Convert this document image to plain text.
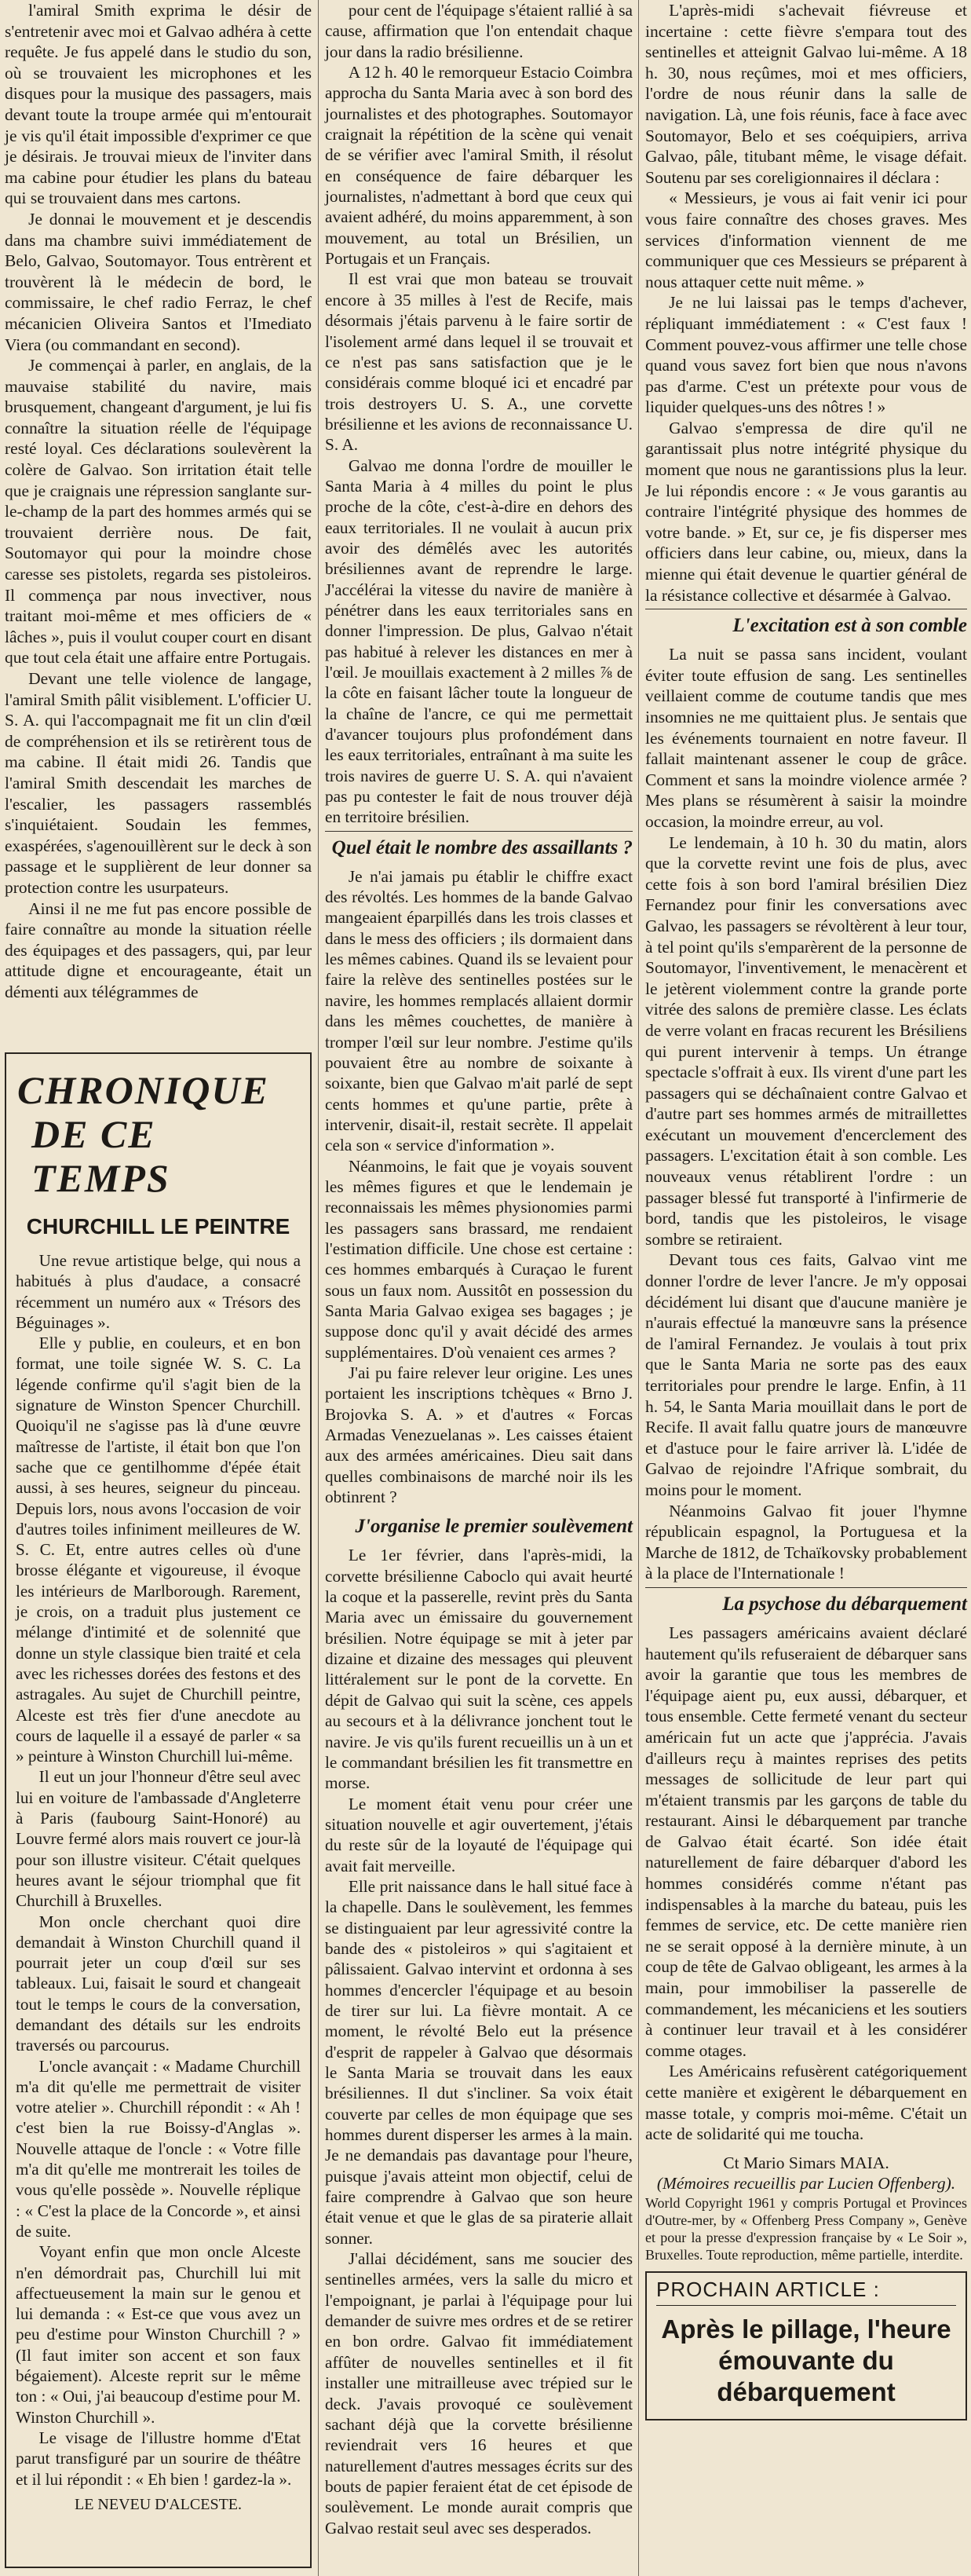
l'amiral Smith exprima le désir de s'entretenir avec moi et Galvao adhéra à cette requête. Je fus appelé dans le studio du son, où se trouvaient les microphones et les disques pour la musique des passagers, mais devant toute la troupe armée qui m'entourait je vis qu'il était impossible d'exprimer ce que je désirais. Je trouvai mieux de l'inviter dans ma cabine pour étudier les plans du bateau qui se trouvaient dans mes cartons.

Je donnai le mouvement et je descendis dans ma chambre suivi immédiatement de Belo, Galvao, Soutomayor. Tous entrèrent et trouvèrent là le médecin de bord, le commissaire, le chef radio Ferraz, le chef mécanicien Oliveira Santos et l'Imediato Viera (ou commandant en second).

Je commençai à parler, en anglais, de la mauvaise stabilité du navire, mais brusquement, changeant d'argument, je lui fis connaître la situation réelle de l'équipage resté loyal. Ces déclarations soulevèrent la colère de Galvao. Son irritation était telle que je craignais une répression sanglante sur-le-champ de la part des hommes armés qui se trouvaient derrière nous. De fait, Soutomayor qui pour la moindre chose caresse ses pistolets, regarda ses pistoleiros. Il commença par nous invectiver, nous traitant moi-même et mes officiers de « lâches », puis il voulut couper court en disant que tout cela était une affaire entre Portugais.

Devant une telle violence de langage, l'amiral Smith pâlit visiblement. L'officier U. S. A. qui l'accompagnait me fit un clin d'œil de compréhension et ils se retirèrent tous de ma cabine. Il était midi 26. Tandis que l'amiral Smith descendait les marches de l'escalier, les passagers rassemblés s'inquiétaient. Soudain les femmes, exaspérées, s'agenouillèrent sur le deck à son passage et le supplièrent de leur donner sa protection contre les usurpateurs.

Ainsi il ne me fut pas encore possible de faire connaître au monde la situation réelle des équipages et des passagers, qui, par leur attitude digne et encourageante, était un démenti aux télégrammes de

CHRONIQUE
DE CE TEMPS
CHURCHILL LE PEINTRE

Une revue artistique belge, qui nous a habitués à plus d'audace, a consacré récemment un numéro aux « Trésors des Béguinages ».

Elle y publie, en couleurs, et en bon format, une toile signée W. S. C. La légende confirme qu'il s'agit bien de la signature de Winston Spencer Churchill. Quoiqu'il ne s'agisse pas là d'une œuvre maîtresse de l'artiste, il était bon que l'on sache que ce gentilhomme d'épée était aussi, à ses heures, seigneur du pinceau. Depuis lors, nous avons l'occasion de voir d'autres toiles infiniment meilleures de W. S. C. Et, entre autres celles où d'une brosse élégante et vigoureuse, il évoque les intérieurs de Marlborough. Rarement, je crois, on a traduit plus justement ce mélange d'intimité et de solennité que donne un style classique bien traité et cela avec les richesses dorées des festons et des astragales. Au sujet de Churchill peintre, Alceste est très fier d'une anecdote au cours de laquelle il a essayé de parler « sa » peinture à Winston Churchill lui-même.

Il eut un jour l'honneur d'être seul avec lui en voiture de l'ambassade d'Angleterre à Paris (faubourg Saint-Honoré) au Louvre fermé alors mais rouvert ce jour-là pour son illustre visiteur. C'était quelques heures avant le séjour triomphal que fit Churchill à Bruxelles.

Mon oncle cherchant quoi dire demandait à Winston Churchill quand il pourrait jeter un coup d'œil sur ses tableaux. Lui, faisait le sourd et changeait tout le temps le cours de la conversation, demandant des détails sur les endroits traversés ou parcourus.

L'oncle avançait : « Madame Churchill m'a dit qu'elle me permettrait de visiter votre atelier ». Churchill répondit : « Ah ! c'est bien la rue Boissy-d'Anglas ». Nouvelle attaque de l'oncle : « Votre fille m'a dit qu'elle me montrerait les toiles de vous qu'elle possède ». Nouvelle réplique : « C'est la place de la Concorde », et ainsi de suite.

Voyant enfin que mon oncle Alceste n'en démordrait pas, Churchill lui mit affectueusement la main sur le genou et lui demanda : « Est-ce que vous avez un peu d'estime pour Winston Churchill ? » (Il faut imiter son accent et son faux bégaiement). Alceste reprit sur le même ton : « Oui, j'ai beaucoup d'estime pour M. Winston Churchill ».

Le visage de l'illustre homme d'Etat parut transfiguré par un sourire de théâtre et il lui répondit : « Eh bien ! gardez-la ».

LE NEVEU D'ALCESTE.

pour cent de l'équipage s'étaient rallié à sa cause, affirmation que l'on entendait chaque jour dans la radio brésilienne.

A 12 h. 40 le remorqueur Estacio Coimbra approcha du Santa Maria avec à son bord des journalistes et des photographes. Soutomayor craignait la répétition de la scène qui venait de se vérifier avec l'amiral Smith, il résolut en conséquence de faire débarquer les journalistes, n'admettant à bord que ceux qui avaient adhéré, du moins apparemment, à son mouvement, au total un Brésilien, un Portugais et un Français.

Il est vrai que mon bateau se trouvait encore à 35 milles à l'est de Recife, mais désormais j'étais parvenu à le faire sortir de l'isolement armé dans lequel il se trouvait et ce n'est pas sans satisfaction que je le considérais comme bloqué ici et encadré par trois destroyers U. S. A., une corvette brésilienne et les avions de reconnaissance U. S. A.

Galvao me donna l'ordre de mouiller le Santa Maria à 4 milles du point le plus proche de la côte, c'est-à-dire en dehors des eaux territoriales. Il ne voulait à aucun prix avoir des démêlés avec les autorités brésiliennes avant de reprendre le large. J'accélérai la vitesse du navire de manière à pénétrer dans les eaux territoriales sans en donner l'impression. De plus, Galvao n'était pas habitué à relever les distances en mer à l'œil. Je mouillais exactement à 2 milles ⅞ de la côte en faisant lâcher toute la longueur de la chaîne de l'ancre, ce qui me permettait d'avancer toujours plus profondément dans les eaux territoriales, entraînant à ma suite les trois navires de guerre U. S. A. qui n'avaient pas pu contester le fait de nous trouver déjà en territoire brésilien.

Quel était le nombre des assaillants ?

Je n'ai jamais pu établir le chiffre exact des révoltés. Les hommes de la bande Galvao mangeaient éparpillés dans les trois classes et dans le mess des officiers ; ils dormaient dans les mêmes cabines. Quand ils se levaient pour faire la relève des sentinelles postées sur le navire, les hommes remplacés allaient dormir dans les mêmes couchettes, de manière à tromper l'œil sur leur nombre. J'estime qu'ils pouvaient être au nombre de soixante à soixante, bien que Galvao m'ait parlé de sept cents hommes et qu'une partie, prête à intervenir, disait-il, restait secrète. Il appelait cela son « service d'information ».

Néanmoins, le fait que je voyais souvent les mêmes figures et que le lendemain je reconnaissais les mêmes physionomies parmi les passagers sans brassard, me rendaient l'estimation difficile. Une chose est certaine : ces hommes embarqués à Curaçao le furent sous un faux nom. Aussitôt en possession du Santa Maria Galvao exigea ses bagages ; je suppose donc qu'il y avait décidé des armes supplémentaires. D'où venaient ces armes ?

J'ai pu faire relever leur origine. Les unes portaient les inscriptions tchèques « Brno J. Brojovka S. A. » et d'autres « Forcas Armadas Venezuelanas ». Les caisses étaient aux des armées américaines. Dieu sait dans quelles combinaisons de marché noir ils les obtinrent ?

J'organise le premier soulèvement

Le 1er février, dans l'après-midi, la corvette brésilienne Caboclo qui avait heurté la coque et la passerelle, revint près du Santa Maria avec un émissaire du gouvernement brésilien. Notre équipage se mit à jeter par dizaine et dizaine des messages qui pleuvent littéralement sur le pont de la corvette. En dépit de Galvao qui suit la scène, ces appels au secours et à la délivrance jonchent tout le navire. Je vis qu'ils furent recueillis un à un et le commandant brésilien les fit transmettre en morse.

Le moment était venu pour créer une situation nouvelle et agir ouvertement, j'étais du reste sûr de la loyauté de l'équipage qui avait fait merveille.

Elle prit naissance dans le hall situé face à la chapelle. Dans le soulèvement, les femmes se distinguaient par leur agressivité contre la bande des « pistoleiros » qui s'agitaient et pâlissaient. Galvao intervint et ordonna à ses hommes d'encercler l'équipage et au besoin de tirer sur lui. La fièvre montait. A ce moment, le révolté Belo eut la présence d'esprit de rappeler à Galvao que désormais le Santa Maria se trouvait dans les eaux brésiliennes. Il dut s'incliner. Sa voix était couverte par celles de mon équipage que ses hommes durent disperser les armes à la main. Je ne demandais pas davantage pour l'heure, puisque j'avais atteint mon objectif, celui de faire comprendre à Galvao que son heure était venue et que le glas de sa piraterie allait sonner.

J'allai décidément, sans me soucier des sentinelles armées, vers la salle du micro et l'empoignant, je parlai à l'équipage pour lui demander de suivre mes ordres et de se retirer en bon ordre. Galvao fit immédiatement affûter de nouvelles sentinelles et il fit installer une mitrailleuse avec trépied sur le deck. J'avais provoqué ce soulèvement sachant déjà que la corvette brésilienne reviendrait vers 16 heures et que naturellement d'autres messages écrits sur des bouts de papier feraient état de cet épisode de soulèvement. Le monde aurait compris que Galvao restait seul avec ses desperados.

L'après-midi s'achevait fiévreuse et incertaine : cette fièvre s'empara tout des sentinelles et atteignit Galvao lui-même. A 18 h. 30, nous reçûmes, moi et mes officiers, l'ordre de nous réunir dans la salle de navigation. Là, une fois réunis, face à face avec Soutomayor, Belo et ses coéquipiers, arriva Galvao, pâle, titubant même, le visage défait. Soutenu par ses coreligionnaires il déclara :

« Messieurs, je vous ai fait venir ici pour vous faire connaître des choses graves. Mes services d'information viennent de me communiquer que ces Messieurs se préparent à nous attaquer cette nuit même. »

Je ne lui laissai pas le temps d'achever, répliquant immédiatement : « C'est faux ! Comment pouvez-vous affirmer une telle chose quand vous savez fort bien que nous n'avons pas d'arme. C'est un prétexte pour vous de liquider quelques-uns des nôtres ! »

Galvao s'empressa de dire qu'il ne garantissait plus notre intégrité physique du moment que nous ne garantissions plus la leur. Je lui répondis encore : « Je vous garantis au contraire l'intégrité physique des hommes de votre bande. » Et, sur ce, je fis disperser mes officiers dans leur cabine, ou, mieux, dans la mienne qui était devenue le quartier général de la résistance collective et désarmée à Galvao.

L'excitation est à son comble

La nuit se passa sans incident, voulant éviter toute effusion de sang. Les sentinelles veillaient comme de coutume tandis que mes insomnies ne me quittaient plus. Je sentais que les événements tournaient en notre faveur. Il fallait maintenant assener le coup de grâce. Comment et sans la moindre violence armée ? Mes plans se résumèrent à saisir la moindre occasion, la moindre erreur, au vol.

Le lendemain, à 10 h. 30 du matin, alors que la corvette revint une fois de plus, avec cette fois à son bord l'amiral brésilien Diez Fernandez pour finir les conversations avec Galvao, les passagers se révoltèrent à leur tour, à tel point qu'ils s'emparèrent de la personne de Soutomayor, l'inventivement, le menacèrent et le jetèrent violemment contre la grande porte vitrée des salons de première classe. Les éclats de verre volant en fracas recurent les Brésiliens qui purent intervenir à temps. Un étrange spectacle s'offrait à eux. Ils virent d'une part les passagers qui se déchaînaient contre Galvao et d'autre part ses hommes armés de mitraillettes exécutant un mouvement d'encerclement des passagers. L'excitation était à son comble. Les nouveaux venus rétablirent l'ordre : un passager blessé fut transporté à l'infirmerie de bord, tandis que les pistoleiros, le visage sombre se retiraient.

Devant tous ces faits, Galvao vint me donner l'ordre de lever l'ancre. Je m'y opposai décidément lui disant que d'aucune manière je n'aurais effectué la manœuvre sans la présence de l'amiral Fernandez. Je voulais à tout prix que le Santa Maria ne sorte pas des eaux territoriales pour prendre le large. Enfin, à 11 h. 54, le Santa Maria mouillait dans le port de Recife. Il avait fallu quatre jours de manœuvre et d'astuce pour le faire arriver là. L'idée de Galvao de rejoindre l'Afrique sombrait, du moins pour le moment.

Néanmoins Galvao fit jouer l'hymne républicain espagnol, la Portuguesa et la Marche de 1812, de Tchaïkovsky probablement à la place de l'Internationale !

La psychose du débarquement

Les passagers américains avaient déclaré hautement qu'ils refuseraient de débarquer sans avoir la garantie que tous les membres de l'équipage aient pu, eux aussi, débarquer, et tous ensemble. Cette fermeté venant du secteur américain fut un acte que j'apprécia. J'avais d'ailleurs reçu à maintes reprises des petits messages de sollicitude de leur part qui m'étaient transmis par les garçons de table du restaurant. Ainsi le débarquement par tranche de Galvao était écarté. Son idée était naturellement de faire débarquer d'abord les hommes considérés comme n'étant pas indispensables à la marche du bateau, puis les femmes de service, etc. De cette manière rien ne se serait opposé à la dernière minute, à un coup de tête de Galvao obligeant, les armes à la main, pour immobiliser la passerelle de commandement, les mécaniciens et les soutiers à continuer leur travail et à les considérer comme otages.

Les Américains refusèrent catégoriquement cette manière et exigèrent le débarquement en masse totale, y compris moi-même. C'était un acte de solidarité qui me toucha.

Ct Mario Simars MAIA.
(Mémoires recueillis par Lucien Offenberg).
World Copyright 1961 y compris Portugal et Provinces d'Outre-mer, by « Offenberg Press Company », Genève et pour la presse d'expression française by « Le Soir », Bruxelles. Toute reproduction, même partielle, interdite.
PROCHAIN ARTICLE :
Après le pillage, l'heure émouvante du débarquement
